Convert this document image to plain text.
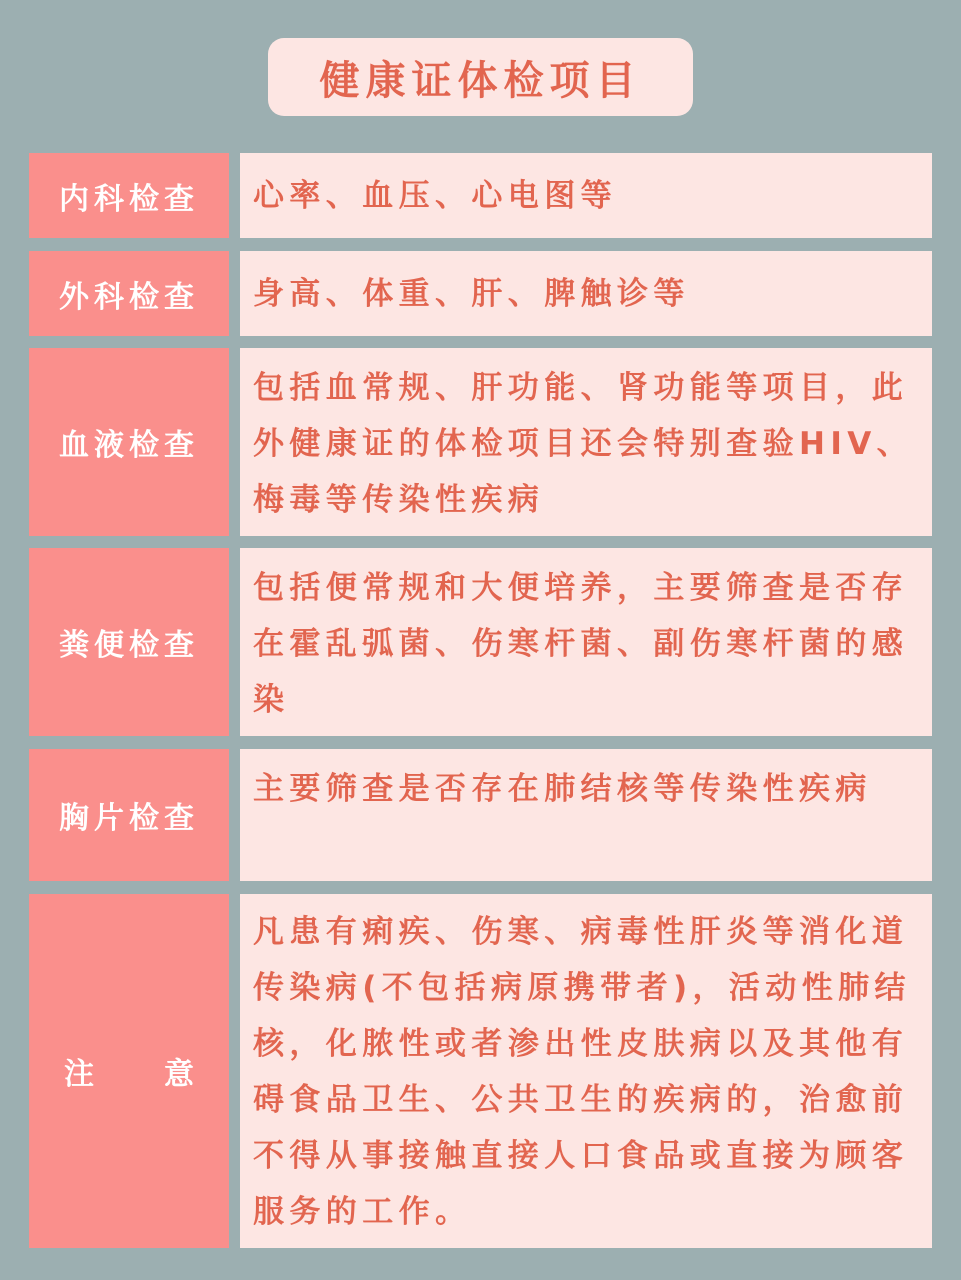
健康证体检项目
内科检查 心率、血压、心电图等

外科检查 身高、体重、肝、脾触诊等

血液检查

包括血常规、肝功能、肾功能等项目，此外健康证的体检项目还会特别查验HIV、梅毒等传染性疾病

粪便检查

包括便常规和大便培养，主要筛查是否存在霍乱弧菌、伤寒杆菌、副伤寒杆菌的感染

胸片检查

主要筛查是否存在肺结核等传染性疾病

注 意

凡患有痢疾、伤寒、病毒性肝炎等消化道传染病(不包括病原携带者)，活动性肺结核，化脓性或者渗出性皮肤病以及其他有碍食品卫生、公共卫生的疾病的，治愈前不得从事接触直接人口食品或直接为顾客服务的工作。
